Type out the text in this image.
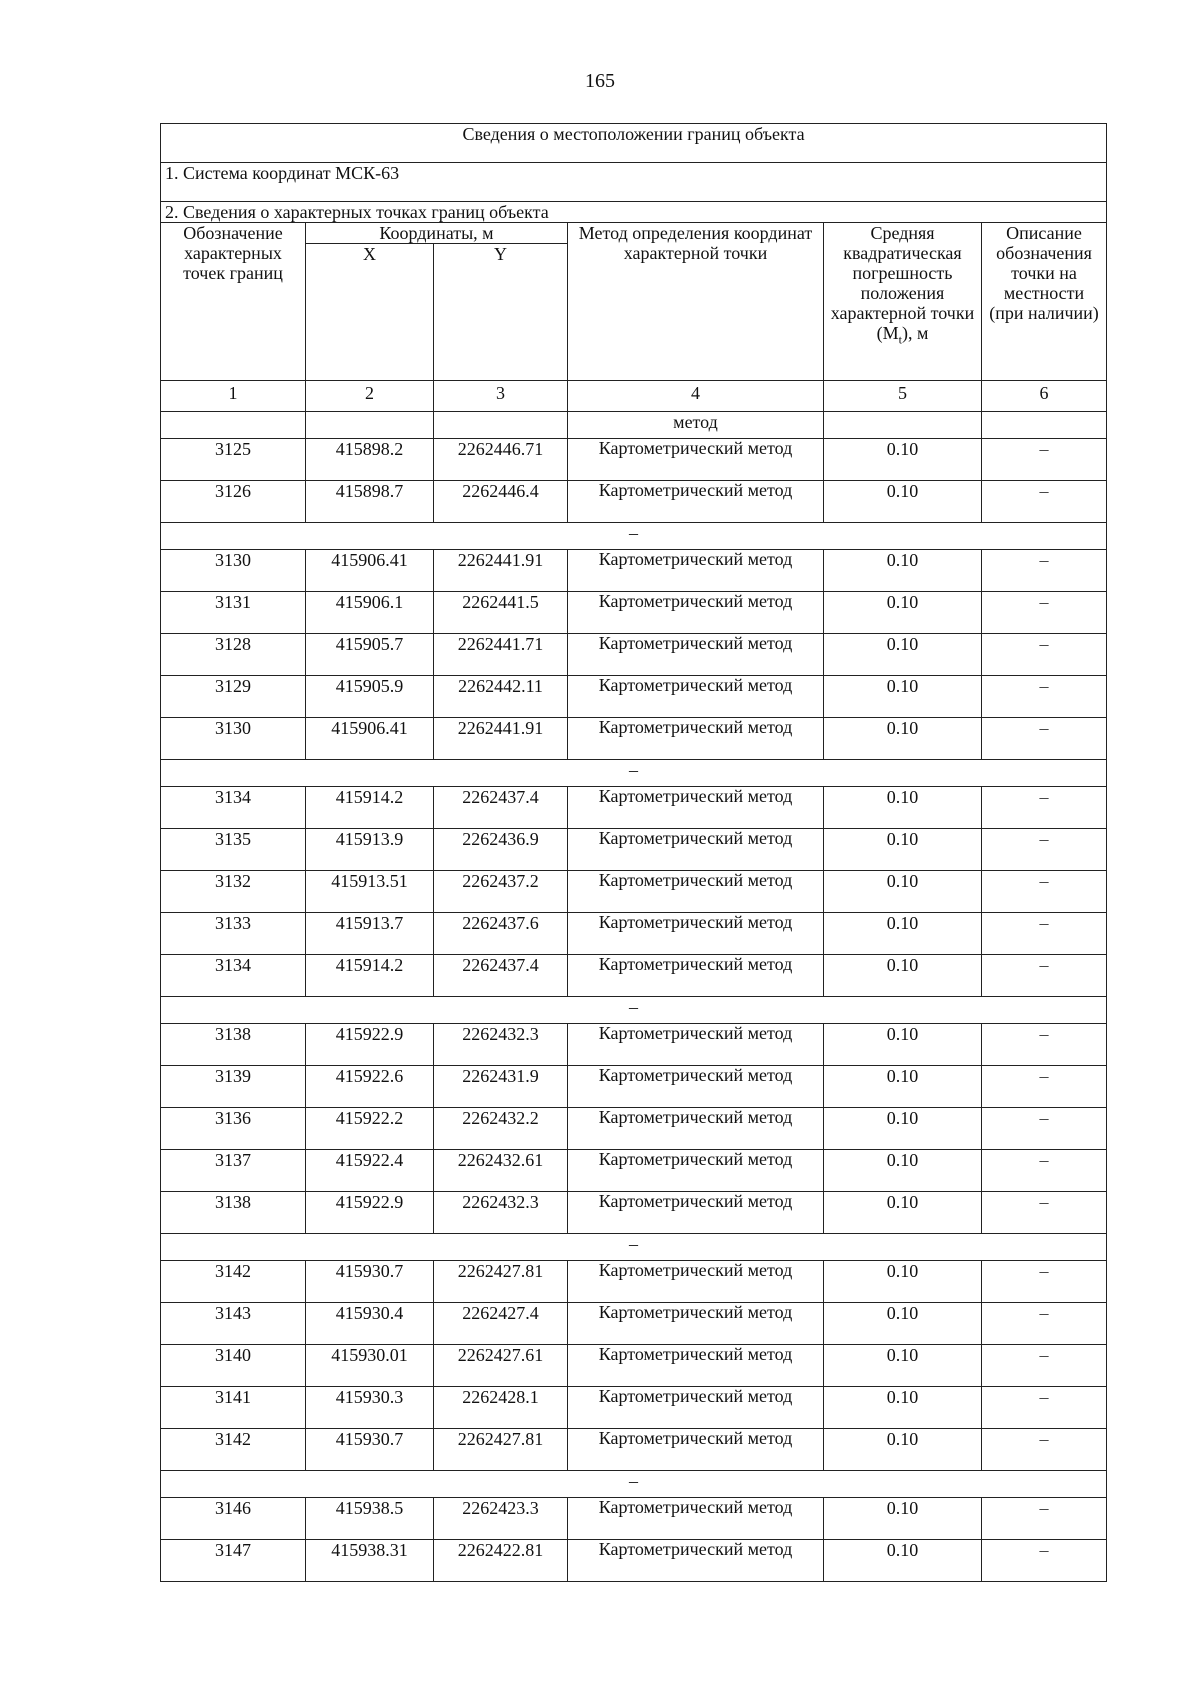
165
Сведения о местоположении границ объекта					
1. Система координат МСК-63					
2. Сведения о характерных точках границ объекта					
Обозначение характерных точек границ	Координаты, м		Метод определения координат характерной точки	Средняя квадратическая погрешность положения характерной точки $(M_t)$, м	Описание обозначения точки на местности (при наличии)
	X	Y			
1	2	3	4	5	6
			метод		
3125	415898.2	2262446.71	Картометрический метод	0.10	–
3126	415898.7	2262446.4	Картометрический метод	0.10	–
–					
3130	415906.41	2262441.91	Картометрический метод	0.10	–
3131	415906.1	2262441.5	Картометрический метод	0.10	–
3128	415905.7	2262441.71	Картометрический метод	0.10	–
3129	415905.9	2262442.11	Картометрический метод	0.10	–
3130	415906.41	2262441.91	Картометрический метод	0.10	–
–					
3134	415914.2	2262437.4	Картометрический метод	0.10	–
3135	415913.9	2262436.9	Картометрический метод	0.10	–
3132	415913.51	2262437.2	Картометрический метод	0.10	–
3133	415913.7	2262437.6	Картометрический метод	0.10	–
3134	415914.2	2262437.4	Картометрический метод	0.10	–
–					
3138	415922.9	2262432.3	Картометрический метод	0.10	–
3139	415922.6	2262431.9	Картометрический метод	0.10	–
3136	415922.2	2262432.2	Картометрический метод	0.10	–
3137	415922.4	2262432.61	Картометрический метод	0.10	–
3138	415922.9	2262432.3	Картометрический метод	0.10	–
–					
3142	415930.7	2262427.81	Картометрический метод	0.10	–
3143	415930.4	2262427.4	Картометрический метод	0.10	–
3140	415930.01	2262427.61	Картометрический метод	0.10	–
3141	415930.3	2262428.1	Картометрический метод	0.10	–
3142	415930.7	2262427.81	Картометрический метод	0.10	–
–					
3146	415938.5	2262423.3	Картометрический метод	0.10	–
3147	415938.31	2262422.81	Картометрический метод	0.10	–
